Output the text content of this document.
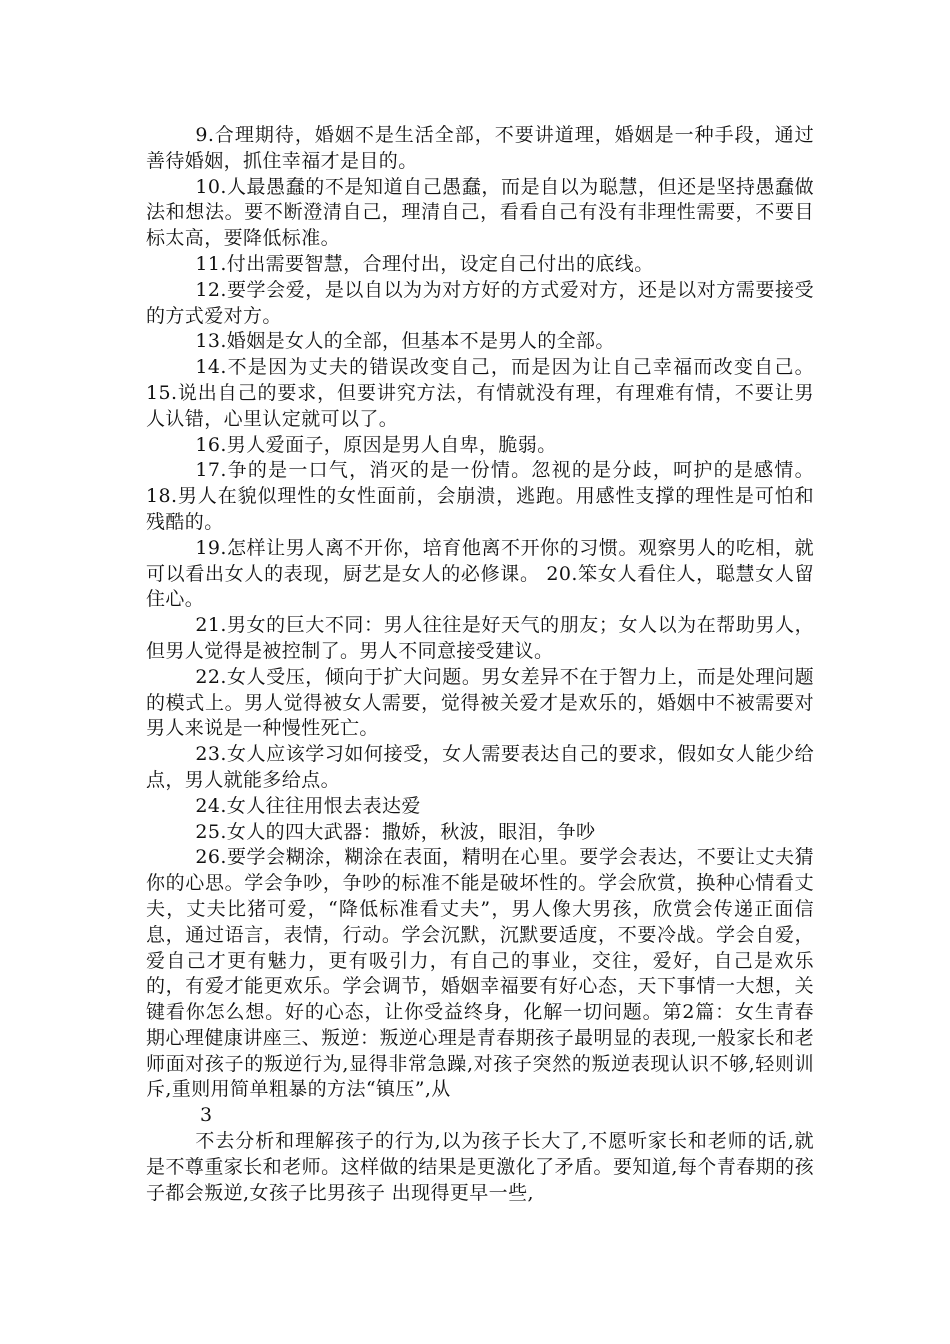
9.合理期待，婚姻不是生活全部，不要讲道理，婚姻是一种手段，通过善待婚姻，抓住幸福才是目的。

10.人最愚蠢的不是知道自己愚蠢，而是自以为聪慧，但还是坚持愚蠢做法和想法。要不断澄清自己，理清自己，看看自己有没有非理性需要，不要目标太高，要降低标准。

11.付出需要智慧，合理付出，设定自己付出的底线。

12.要学会爱，是以自以为为对方好的方式爱对方，还是以对方需要接受的方式爱对方。

13.婚姻是女人的全部，但基本不是男人的全部。

14.不是因为丈夫的错误改变自己，而是因为让自己幸福而改变自己。 15.说出自己的要求，但要讲究方法，有情就没有理，有理难有情，不要让男人认错，心里认定就可以了。

16.男人爱面子，原因是男人自卑，脆弱。

17.争的是一口气，消灭的是一份情。忽视的是分歧，呵护的是感情。 18.男人在貌似理性的女性面前，会崩溃，逃跑。用感性支撑的理性是可怕和残酷的。

19.怎样让男人离不开你，培育他离不开你的习惯。观察男人的吃相，就可以看出女人的表现，厨艺是女人的必修课。 20.笨女人看住人，聪慧女人留住心。

21.男女的巨大不同：男人往往是好天气的朋友；女人以为在帮助男人，但男人觉得是被控制了。男人不同意接受建议。

22.女人受压，倾向于扩大问题。男女差异不在于智力上，而是处理问题的模式上。男人觉得被女人需要，觉得被关爱才是欢乐的，婚姻中不被需要对男人来说是一种慢性死亡。

23.女人应该学习如何接受，女人需要表达自己的要求，假如女人能少给点，男人就能多给点。

24.女人往往用恨去表达爱

25.女人的四大武器：撒娇，秋波，眼泪，争吵

26.要学会糊涂，糊涂在表面，精明在心里。要学会表达，不要让丈夫猜你的心思。学会争吵，争吵的标准不能是破坏性的。学会欣赏，换种心情看丈夫，丈夫比猪可爱，“降低标准看丈夫”，男人像大男孩，欣赏会传递正面信息，通过语言，表情，行动。学会沉默，沉默要适度，不要冷战。学会自爱，爱自己才更有魅力，更有吸引力，有自己的事业，交往，爱好，自己是欢乐的，有爱才能更欢乐。学会调节，婚姻幸福要有好心态，天下事情一大想，关键看你怎么想。好的心态，让你受益终身，化解一切问题。第2篇：女生青春期心理健康讲座三、叛逆：叛逆心理是青春期孩子最明显的表现,一般家长和老师面对孩子的叛逆行为,显得非常急躁,对孩子突然的叛逆表现认识不够,轻则训斥,重则用简单粗暴的方法“镇压”,从

3

不去分析和理解孩子的行为,以为孩子长大了,不愿听家长和老师的话,就是不尊重家长和老师。这样做的结果是更激化了矛盾。要知道,每个青春期的孩子都会叛逆,女孩子比男孩子 出现得更早一些,
